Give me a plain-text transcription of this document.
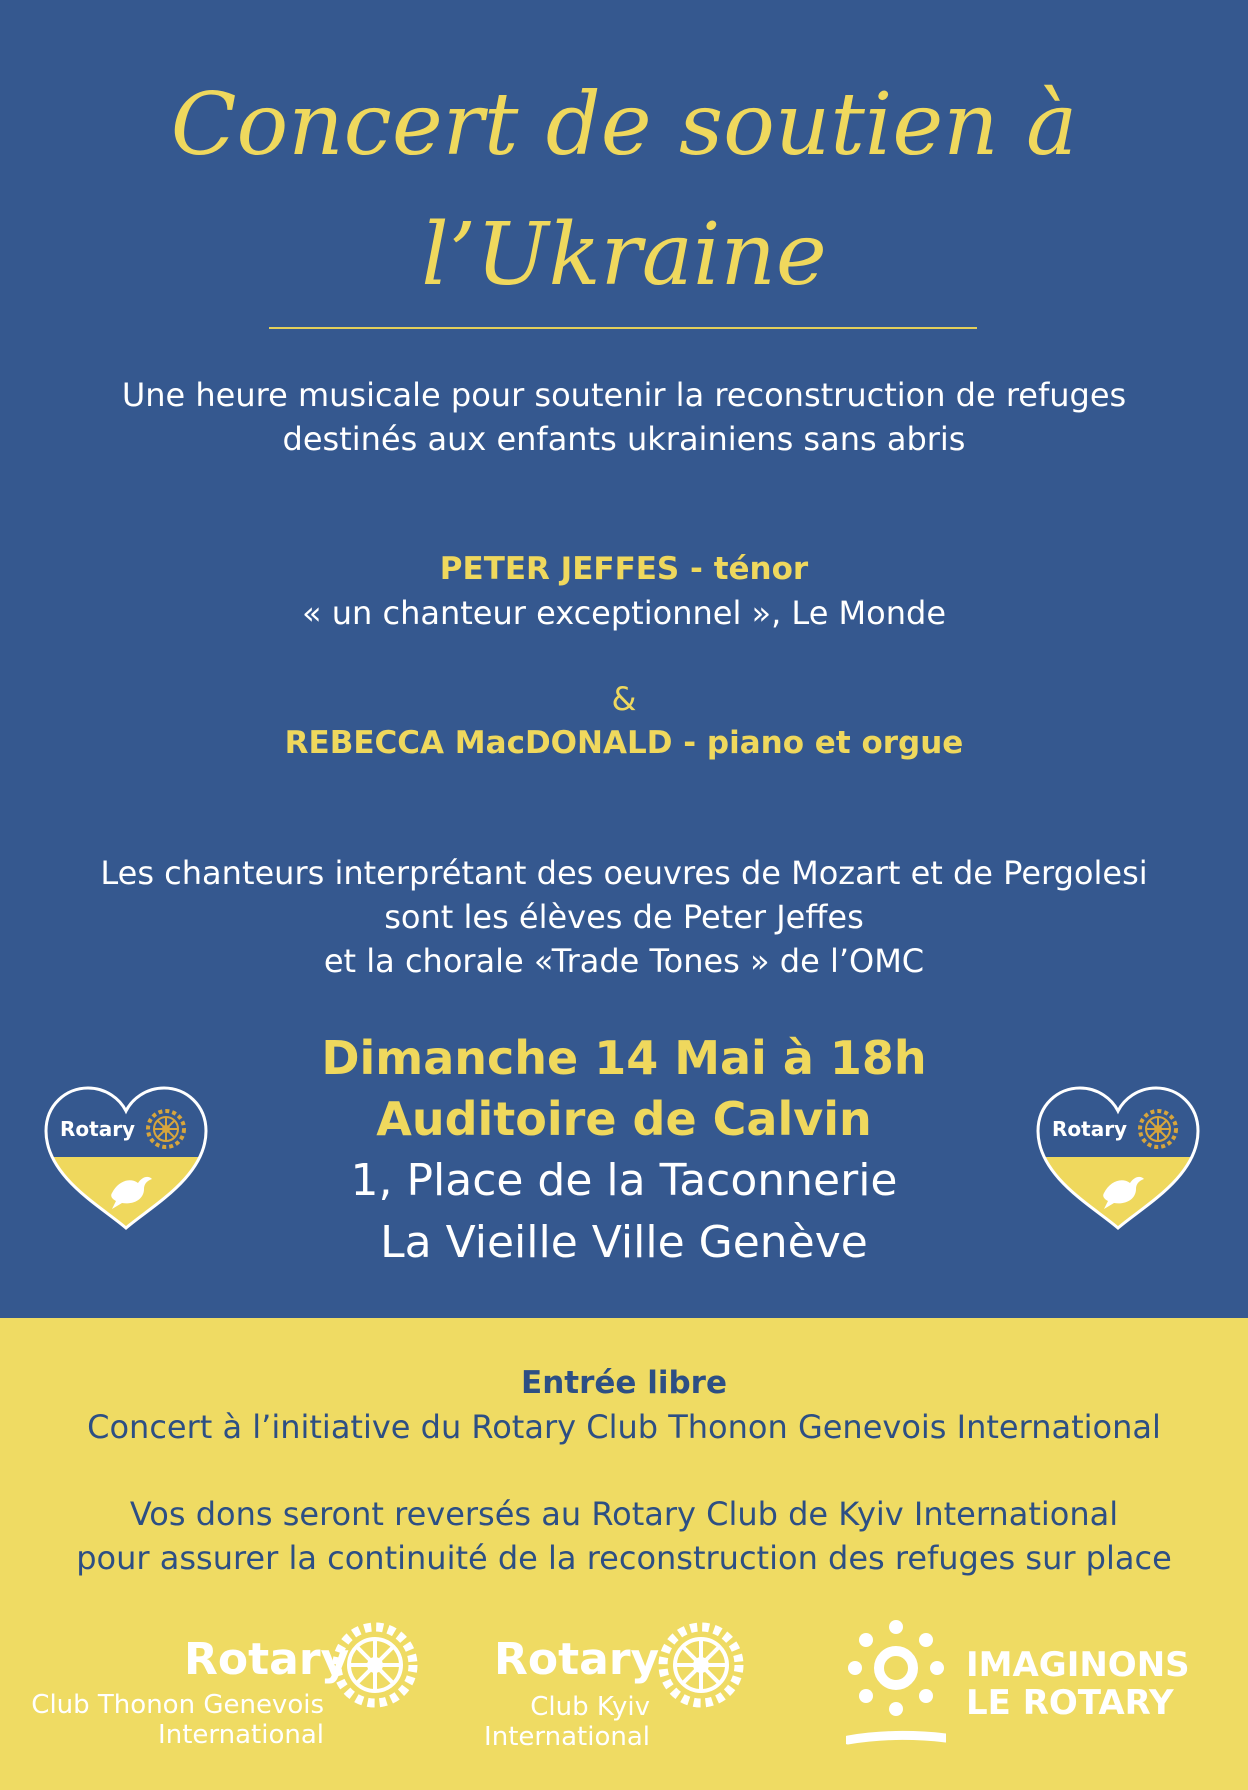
Concert de soutien à
l’Ukraine
Une heure musicale pour soutenir la reconstruction de refuges
destinés aux enfants ukrainiens sans abris
PETER JEFFES - ténor
« un chanteur exceptionnel », Le Monde
&
REBECCA MacDONALD - piano et orgue
Les chanteurs interprétant des oeuvres de Mozart et de Pergolesi
sont les élèves de Peter Jeffes
et la chorale «Trade Tones » de l’OMC
Dimanche 14 Mai à 18h
Auditoire de Calvin
1, Place de la Taconnerie
La Vieille Ville Genève
Rotary	Rotary
Entrée libre
Concert à l’initiative du Rotary Club Thonon Genevois International
Vos dons seront reversés au Rotary Club de Kyiv International
pour assurer la continuité de la reconstruction des refuges sur place
Rotary
Club Thonon Genevois
International
Rotary
Club Kyiv
International
IMAGINONS
LE ROTARY
